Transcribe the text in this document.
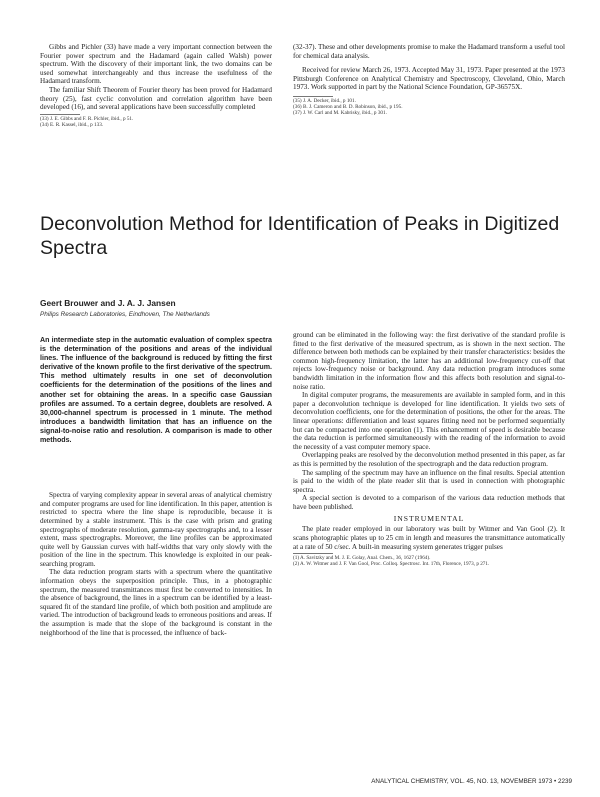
Gibbs and Pichler (33) have made a very important connection between the Fourier power spectrum and the Hadamard (again called Walsh) power spectrum. With the discovery of their important link, the two domains can be used somewhat interchangeably and thus increase the usefulness of the Hadamard transform.

The familiar Shift Theorem of Fourier theory has been proved for Hadamard theory (25), fast cyclic convolution and correlation algorithm have been developed (16), and several applications have been successfully completed

(33) J. E. Gibbs and F. R. Pichler, ibid., p 51.

(34) E. R. Kassel, ibid., p 133.

(32-37). These and other developments promise to make the Hadamard transform a useful tool for chemical data analysis.

Received for review March 26, 1973. Accepted May 31, 1973. Paper presented at the 1973 Pittsburgh Conference on Analytical Chemistry and Spectroscopy, Cleveland, Ohio, March 1973. Work supported in part by the National Science Foundation, GP-36575X.

(35) J. A. Decker, ibid., p 101.

(36) B. J. Cameron and B. D. Robinson, ibid., p 195.

(37) J. W. Carl and M. Kabrisky, ibid., p 301.

Deconvolution Method for Identification of Peaks in Digitized Spectra

Geert Brouwer and J. A. J. Jansen

Philips Research Laboratories, Eindhoven, The Netherlands

An intermediate step in the automatic evaluation of complex spectra is the determination of the positions and areas of the individual lines. The influence of the background is reduced by fitting the first derivative of the known profile to the first derivative of the spectrum. This method ultimately results in one set of deconvolution coefficients for the determination of the positions of the lines and another set for obtaining the areas. In a specific case Gaussian profiles are assumed. To a certain degree, doublets are resolved. A 30,000-channel spectrum is processed in 1 minute. The method introduces a bandwidth limitation that has an influence on the signal-to-noise ratio and resolution. A comparison is made to other methods.

Spectra of varying complexity appear in several areas of analytical chemistry and computer programs are used for line identification. In this paper, attention is restricted to spectra where the line shape is reproducible, because it is determined by a stable instrument. This is the case with prism and grating spectrographs of moderate resolution, gamma-ray spectrographs and, to a lesser extent, mass spectrographs. Moreover, the line profiles can be approximated quite well by Gaussian curves with half-widths that vary only slowly with the position of the line in the spectrum. This knowledge is exploited in our peak-searching program.

The data reduction program starts with a spectrum where the quantitative information obeys the superposition principle. Thus, in a photographic spectrum, the measured transmittances must first be converted to intensities. In the absence of background, the lines in a spectrum can be identified by a least-squared fit of the standard line profile, of which both position and amplitude are varied. The introduction of background leads to erroneous positions and areas. If the assumption is made that the slope of the background is constant in the neighborhood of the line that is processed, the influence of back-

ground can be eliminated in the following way: the first derivative of the standard profile is fitted to the first derivative of the measured spectrum, as is shown in the next section. The difference between both methods can be explained by their transfer characteristics: besides the common high-frequency limitation, the latter has an additional low-frequency cut-off that rejects low-frequency noise or background. Any data reduction program introduces some bandwidth limitation in the information flow and this affects both resolution and signal-to-noise ratio.

In digital computer programs, the measurements are available in sampled form, and in this paper a deconvolution technique is developed for line identification. It yields two sets of deconvolution coefficients, one for the determination of positions, the other for the areas. The linear operations: differentiation and least squares fitting need not be performed sequentially but can be compacted into one operation (1). This enhancement of speed is desirable because the data reduction is performed simultaneously with the reading of the information to avoid the necessity of a vast computer memory space.

Overlapping peaks are resolved by the deconvolution method presented in this paper, as far as this is permitted by the resolution of the spectrograph and the data reduction program.

The sampling of the spectrum may have an influence on the final results. Special attention is paid to the width of the plate reader slit that is used in connection with photographic spectra.

A special section is devoted to a comparison of the various data reduction methods that have been published.

INSTRUMENTAL

The plate reader employed in our laboratory was built by Witmer and Van Gool (2). It scans photographic plates up to 25 cm in length and measures the transmittance automatically at a rate of 50 c/sec. A built-in measuring system generates trigger pulses

(1) A. Savitzky and M. J. E. Golay, Anal. Chem., 36, 1627 (1964).

(2) A. W. Witmer and J. F. Van Gool, Proc. Colloq. Spectrosc. Int. 17th, Florence, 1973, p 271.

ANALYTICAL CHEMISTRY, VOL. 45, NO. 13, NOVEMBER 1973 • 2239
